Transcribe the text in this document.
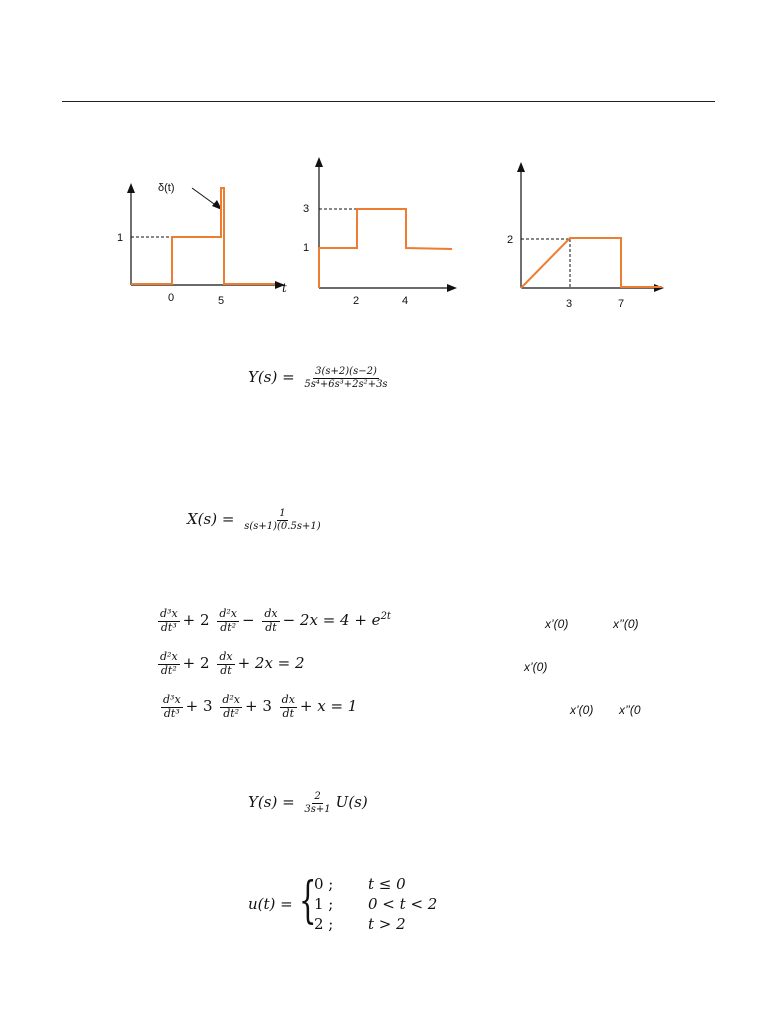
δ(t)
1
0	5
t
3
1
2	4
2
3	7
$Y(s) = \frac{3(s+2)(s-2)}{\text{5s⁴+6s³+2s²+3s}}$
$X(s) = \frac{1}{s(s+1)(0.5s+1)}$
$\frac{\text{d³x}}{\text{dt³}} + 2 \frac{\text{d²x}}{\text{dt²}} - \frac{dx}{dt} - 2x = 4 + e^{2t}$
x’(0)	x’’(0)
$\frac{\text{d²x}}{\text{dt²}} + 2 \frac{dx}{dt} + 2x = 2$	x’(0)
$\frac{\text{d³x}}{\text{dt³}} + 3 \frac{\text{d²x}}{\text{dt²}} + 3 \frac{dx}{dt} + x = 1$	x’(0) x’’(0
$Y(s) = \frac{2}{3s+1} U(s)$
u(t) = {
0 ; t ≤ 0
1 ; 0 < t < 2
2 ; t > 2
